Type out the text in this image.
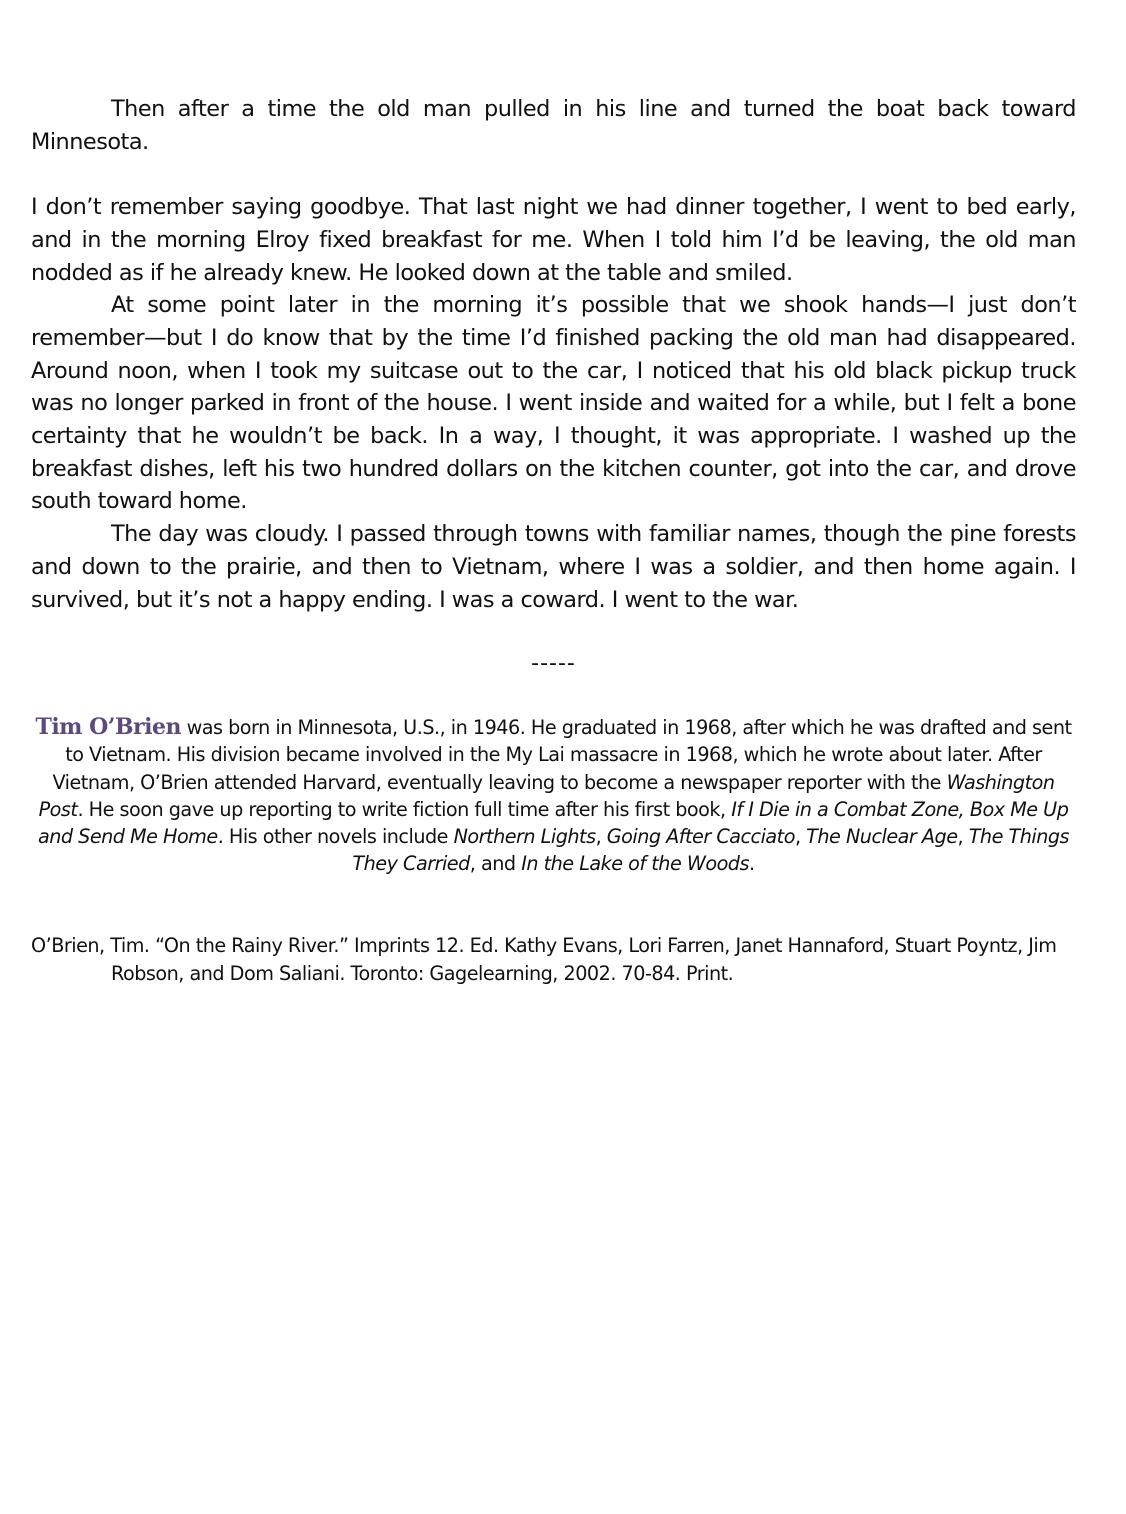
Then after a time the old man pulled in his line and turned the boat back toward Minnesota.

I don’t remember saying goodbye. That last night we had dinner together, I went to bed early, and in the morning Elroy fixed breakfast for me. When I told him I’d be leaving, the old man nodded as if he already knew. He looked down at the table and smiled.

At some point later in the morning it’s possible that we shook hands—I just don’t remember—but I do know that by the time I’d finished packing the old man had disappeared. Around noon, when I took my suitcase out to the car, I noticed that his old black pickup truck was no longer parked in front of the house. I went inside and waited for a while, but I felt a bone certainty that he wouldn’t be back. In a way, I thought, it was appropriate. I washed up the breakfast dishes, left his two hundred dollars on the kitchen counter, got into the car, and drove south toward home.

The day was cloudy. I passed through towns with familiar names, though the pine forests and down to the prairie, and then to Vietnam, where I was a soldier, and then home again. I survived, but it’s not a happy ending. I was a coward. I went to the war.

-----
Tim O’Brien was born in Minnesota, U.S., in 1946. He graduated in 1968, after which he was drafted and sent to Vietnam. His division became involved in the My Lai massacre in 1968, which he wrote about later. After Vietnam, O’Brien attended Harvard, eventually leaving to become a newspaper reporter with the Washington Post. He soon gave up reporting to write fiction full time after his first book, If I Die in a Combat Zone, Box Me Up and Send Me Home. His other novels include Northern Lights, Going After Cacciato, The Nuclear Age, The Things They Carried, and In the Lake of the Woods.
O’Brien, Tim. “On the Rainy River.” Imprints 12. Ed. Kathy Evans, Lori Farren, Janet Hannaford, Stuart Poyntz, Jim Robson, and Dom Saliani. Toronto: Gagelearning, 2002. 70-84. Print.
